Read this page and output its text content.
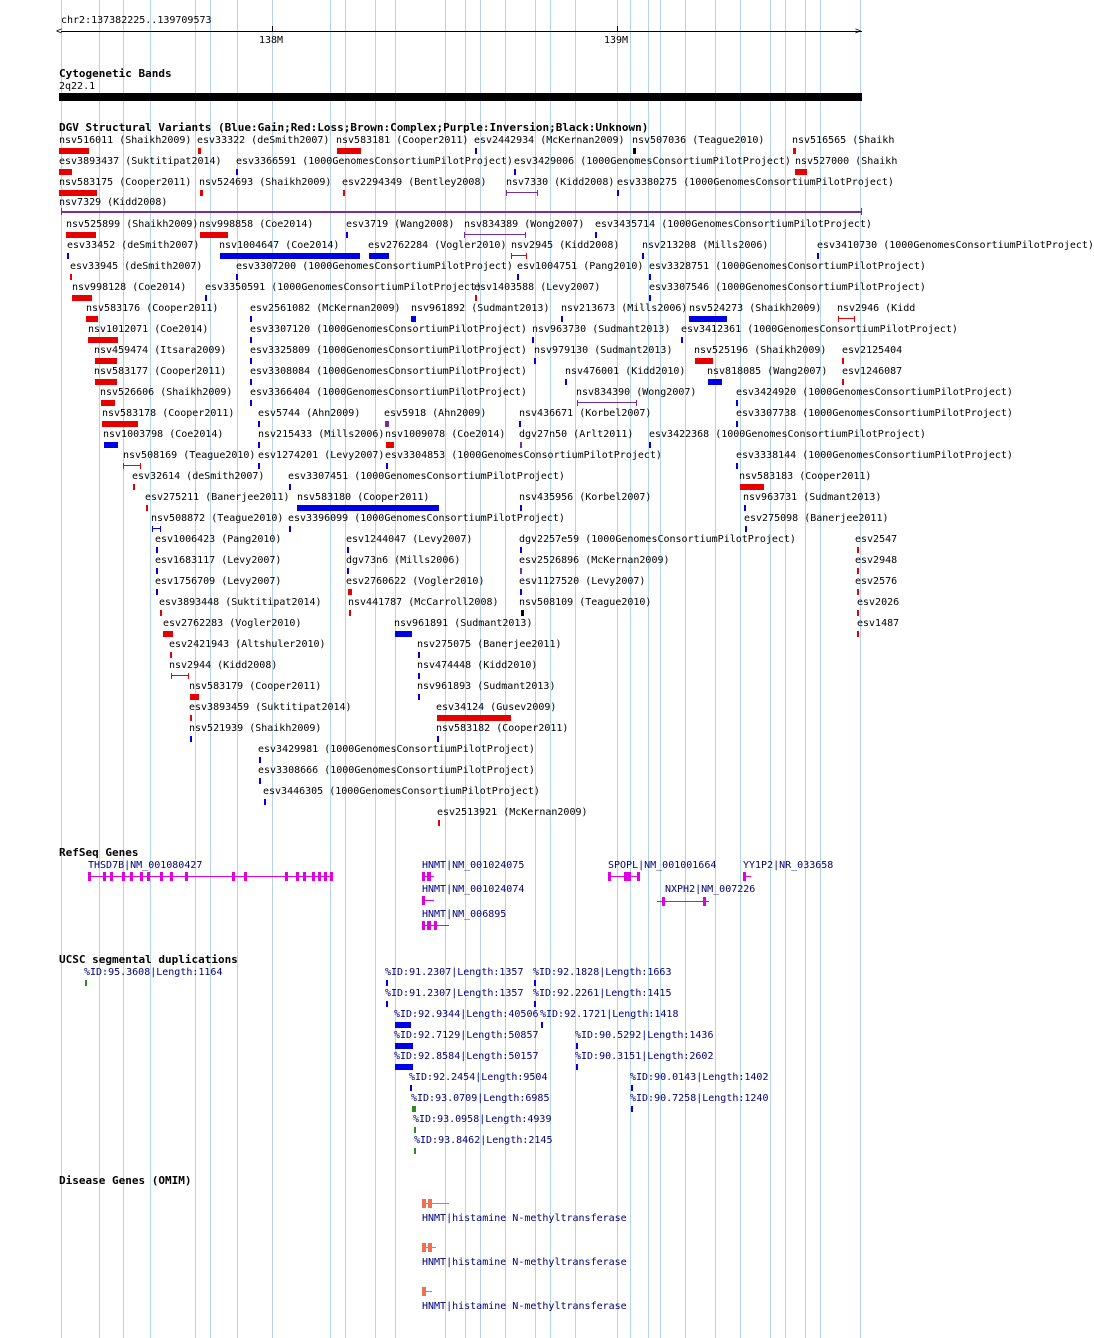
chr2:137382225..139709573
<	>
138M	139M
Cytogenetic Bands
2q22.1
DGV Structural Variants (Blue:Gain;Red:Loss;Brown:Complex;Purple:Inversion;Black:Unknown)
nsv7329 (Kidd2008)
nsv516011 (Shaikh2009) esv33322 (deSmith2007) nsv583181 (Cooper2011) esv2442934 (McKernan2009) nsv507036 (Teague2010)	nsv516565 (Shaikh
esv3893437 (Suktitipat2014) esv3366591 (1000GenomesConsortiumPilotProject) esv3429006 (1000GenomesConsortiumPilotProject) nsv527000 (Shaikh
nsv583175 (Cooper2011) nsv524693 (Shaikh2009) esv2294349 (Bentley2008) nsv7330 (Kidd2008) esv3380275 (1000GenomesConsortiumPilotProject)
nsv525899 (Shaikh2009) nsv998858 (Coe2014)	esv3719 (Wang2008) nsv834389 (Wong2007) esv3435714 (1000GenomesConsortiumPilotProject)
esv33452 (deSmith2007) nsv1004647 (Coe2014)	esv2762284 (Vogler2010) nsv2945 (Kidd2008) nsv213208 (Mills2006)	esv3410730 (1000GenomesConsortiumPilotProject)
esv33945 (deSmith2007)	esv3307200 (1000GenomesConsortiumPilotProject) esv1004751 (Pang2010) esv3328751 (1000GenomesConsortiumPilotProject)
nsv998128 (Coe2014) esv3350591 (1000GenomesConsortiumPilotProject)
esv1403588 (Levy2007)	esv3307546 (1000GenomesConsortiumPilotProject)
nsv583176 (Cooper2011)	esv2561082 (McKernan2009) nsv961892 (Sudmant2013) nsv213673 (Mills2006) nsv524273 (Shaikh2009) nsv2946 (Kidd
nsv1012071 (Coe2014)	esv3307120 (1000GenomesConsortiumPilotProject) nsv963730 (Sudmant2013) esv3412361 (1000GenomesConsortiumPilotProject)
nsv459474 (Itsara2009) esv3325809 (1000GenomesConsortiumPilotProject) nsv979130 (Sudmant2013) nsv525196 (Shaikh2009) esv2125404
nsv583177 (Cooper2011) esv3308084 (1000GenomesConsortiumPilotProject)	nsv476001 (Kidd2010) nsv818085 (Wang2007) esv1246087
nsv526606 (Shaikh2009) esv3366404 (1000GenomesConsortiumPilotProject)	nsv834390 (Wong2007)	esv3424920 (1000GenomesConsortiumPilotProject)
nsv583178 (Cooper2011) esv5744 (Ahn2009) esv5918 (Ahn2009)	nsv436671 (Korbel2007)	esv3307738 (1000GenomesConsortiumPilotProject)
nsv1003798 (Coe2014)	nsv215433 (Mills2006) nsv1009078 (Coe2014) dgv27n50 (Arlt2011) esv3422368 (1000GenomesConsortiumPilotProject)
nsv508169 (Teague2010) esv1274201 (Levy2007) esv3304853 (1000GenomesConsortiumPilotProject)	esv3338144 (1000GenomesConsortiumPilotProject)
esv32614 (deSmith2007) esv3307451 (1000GenomesConsortiumPilotProject)	nsv583183 (Cooper2011)
esv275211 (Banerjee2011) nsv583180 (Cooper2011)	nsv435956 (Korbel2007)	nsv963731 (Sudmant2013)
nsv508872 (Teague2010) esv3396099 (1000GenomesConsortiumPilotProject)	esv275098 (Banerjee2011)
esv1006423 (Pang2010)	esv1244047 (Levy2007)	dgv2257e59 (1000GenomesConsortiumPilotProject)	esv2547
esv1683117 (Levy2007)	dgv73n6 (Mills2006)	esv2526896 (McKernan2009)	esv2948
esv1756709 (Levy2007)	esv2760622 (Vogler2010)	esv1127520 (Levy2007)	esv2576
esv3893448 (Suktitipat2014)	nsv441787 (McCarroll2008) nsv508109 (Teague2010)	esv2026
esv2762283 (Vogler2010)	nsv961891 (Sudmant2013)	esv1487
esv2421943 (Altshuler2010)	nsv275075 (Banerjee2011)
nsv2944 (Kidd2008)	nsv474448 (Kidd2010)
nsv583179 (Cooper2011)	nsv961893 (Sudmant2013)
esv3893459 (Suktitipat2014)	esv34124 (Gusev2009)
nsv521939 (Shaikh2009)	nsv583182 (Cooper2011)
esv3429981 (1000GenomesConsortiumPilotProject)
esv3308666 (1000GenomesConsortiumPilotProject)
esv3446305 (1000GenomesConsortiumPilotProject)
esv2513921 (McKernan2009)
RefSeq Genes
THSD7B|NM_001080427	HNMT|NM_001024075
HNMT|NM_001024074
HNMT|NM_006895
SPOPL|NM_001001664	YY1P2|NR_033658
NXPH2|NM_007226
UCSC segmental duplications
%ID:95.3608|Length:1164	%ID:91.2307|Length:1357 %ID:92.1828|Length:1663
%ID:91.2307|Length:1357 %ID:92.2261|Length:1415
%ID:92.9344|Length:40506 %ID:92.1721|Length:1418
%ID:92.7129|Length:50857	%ID:90.5292|Length:1436
%ID:92.8584|Length:50157	%ID:90.3151|Length:2602
%ID:92.2454|Length:9504	%ID:90.0143|Length:1402
%ID:93.0709|Length:6985	%ID:90.7258|Length:1240
%ID:93.0958|Length:4939
%ID:93.8462|Length:2145
Disease Genes (OMIM)
HNMT|histamine N-methyltransferase
HNMT|histamine N-methyltransferase
HNMT|histamine N-methyltransferase
